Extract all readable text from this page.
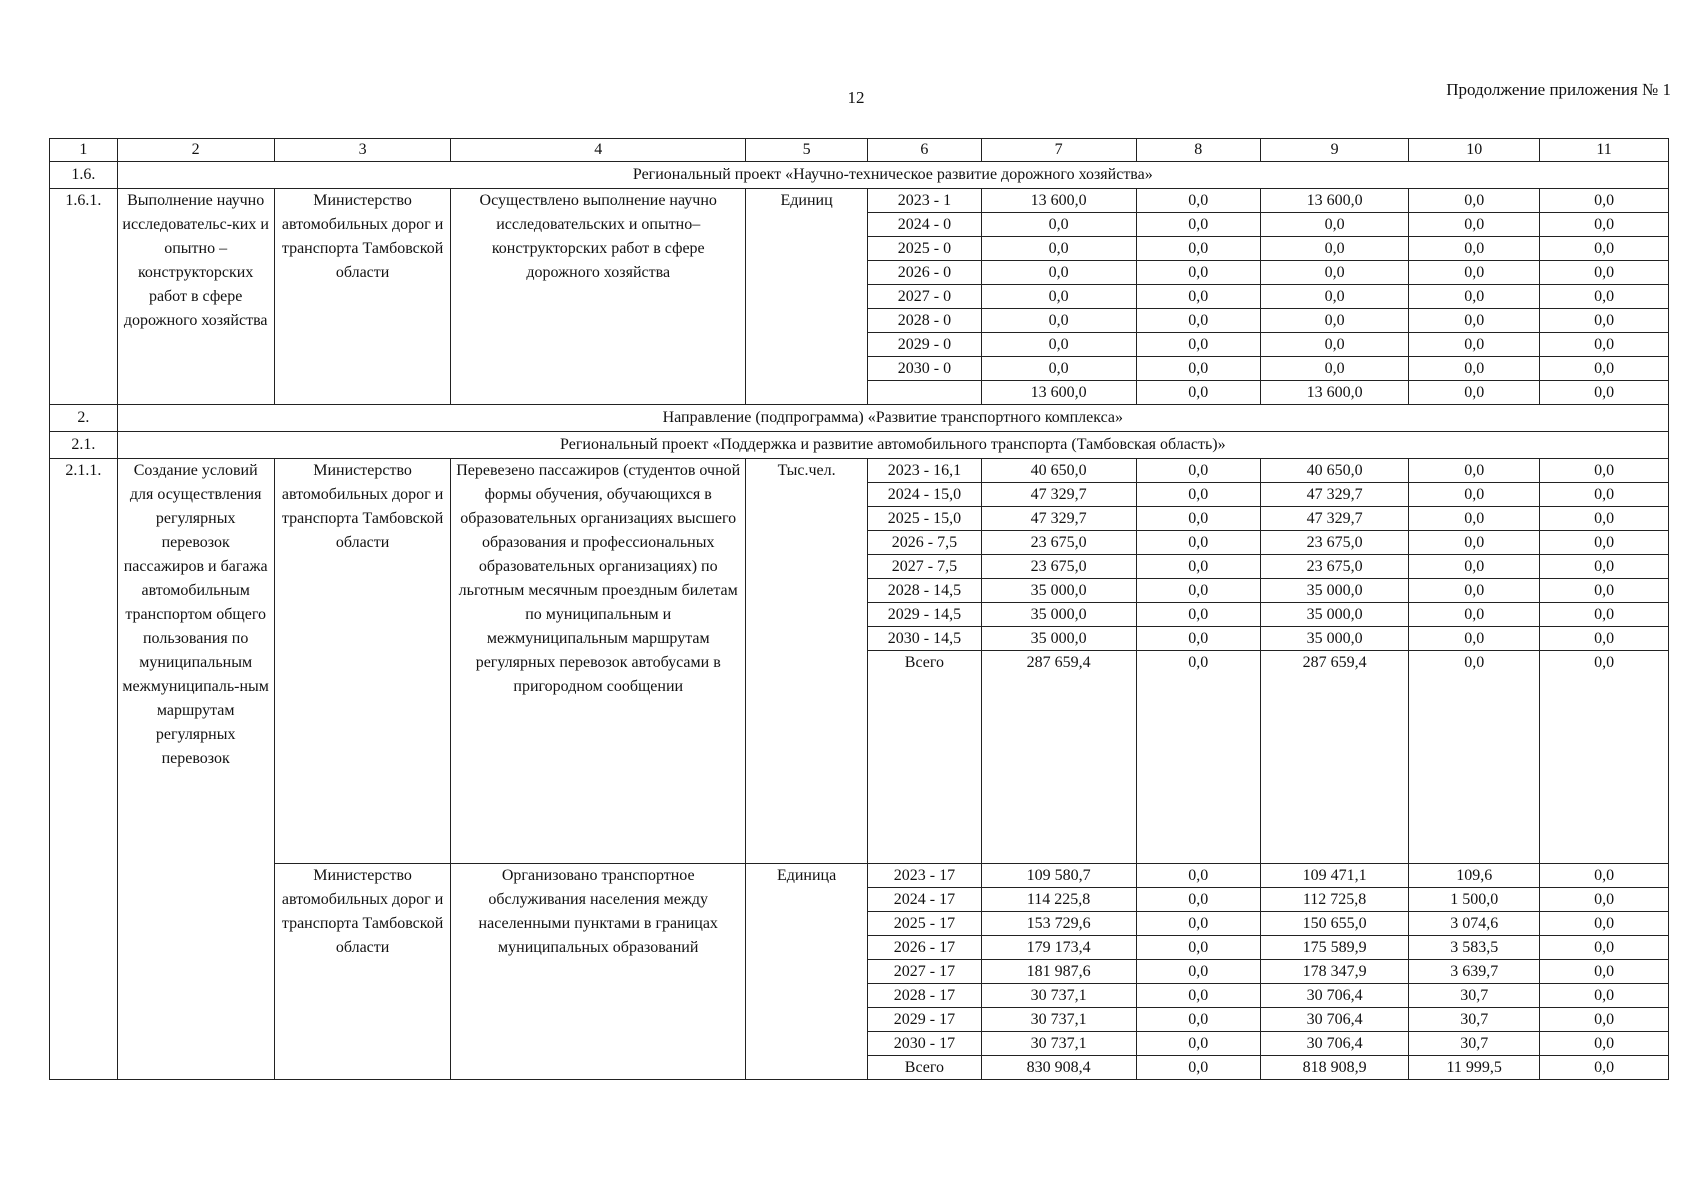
12	Продолжение приложения № 1
1	2	3	4	5	6	7	8	9	10	11
1.6.	Региональный проект «Научно-техническое развитие дорожного хозяйства»									
1.6.1.	Выполнение научно исследовательс-ких и опытно – конструкторских работ в сфере дорожного хозяйства	Министерство автомобильных дорог и транспорта Тамбовской области	Осуществлено выполнение научно исследовательских и опытно–конструкторских работ в сфере дорожного хозяйства	Единиц	2023 - 1	13 600,0	0,0	13 600,0	0,0	0,0
					2024 - 0	0,0	0,0	0,0	0,0	0,0
					2025 - 0	0,0	0,0	0,0	0,0	0,0
					2026 - 0	0,0	0,0	0,0	0,0	0,0
					2027 - 0	0,0	0,0	0,0	0,0	0,0
					2028 - 0	0,0	0,0	0,0	0,0	0,0
					2029 - 0	0,0	0,0	0,0	0,0	0,0
					2030 - 0	0,0	0,0	0,0	0,0	0,0
						13 600,0	0,0	13 600,0	0,0	0,0
2.	Направление (подпрограмма) «Развитие транспортного комплекса»									
2.1.	Региональный проект «Поддержка и развитие автомобильного транспорта (Тамбовская область)»									
2.1.1.	Создание условий для осуществления регулярных перевозок пассажиров и багажа автомобильным транспортом общего пользования по муниципальным межмуниципаль-ным маршрутам регулярных перевозок	Министерство автомобильных дорог и транспорта Тамбовской области	Перевезено пассажиров (студентов очной формы обучения, обучающихся в образовательных организациях высшего образования и профессиональных образовательных организациях) по льготным месячным проездным билетам по муниципальным и межмуниципальным маршрутам регулярных перевозок автобусами в пригородном сообщении	Тыс.чел.	2023 - 16,1	40 650,0	0,0	40 650,0	0,0	0,0
					2024 - 15,0	47 329,7	0,0	47 329,7	0,0	0,0
					2025 - 15,0	47 329,7	0,0	47 329,7	0,0	0,0
					2026 - 7,5	23 675,0	0,0	23 675,0	0,0	0,0
					2027 - 7,5	23 675,0	0,0	23 675,0	0,0	0,0
					2028 - 14,5	35 000,0	0,0	35 000,0	0,0	0,0
					2029 - 14,5	35 000,0	0,0	35 000,0	0,0	0,0
					2030 - 14,5	35 000,0	0,0	35 000,0	0,0	0,0
					Всего	287 659,4	0,0	287 659,4	0,0	0,0
		Министерство автомобильных дорог и транспорта Тамбовской области	Организовано транспортное обслуживания населения между населенными пунктами в границах муниципальных образований	Единица	2023 - 17	109 580,7	0,0	109 471,1	109,6	0,0
					2024 - 17	114 225,8	0,0	112 725,8	1 500,0	0,0
					2025 - 17	153 729,6	0,0	150 655,0	3 074,6	0,0
					2026 - 17	179 173,4	0,0	175 589,9	3 583,5	0,0
					2027 - 17	181 987,6	0,0	178 347,9	3 639,7	0,0
					2028 - 17	30 737,1	0,0	30 706,4	30,7	0,0
					2029 - 17	30 737,1	0,0	30 706,4	30,7	0,0
					2030 - 17	30 737,1	0,0	30 706,4	30,7	0,0
					Всего	830 908,4	0,0	818 908,9	11 999,5	0,0
